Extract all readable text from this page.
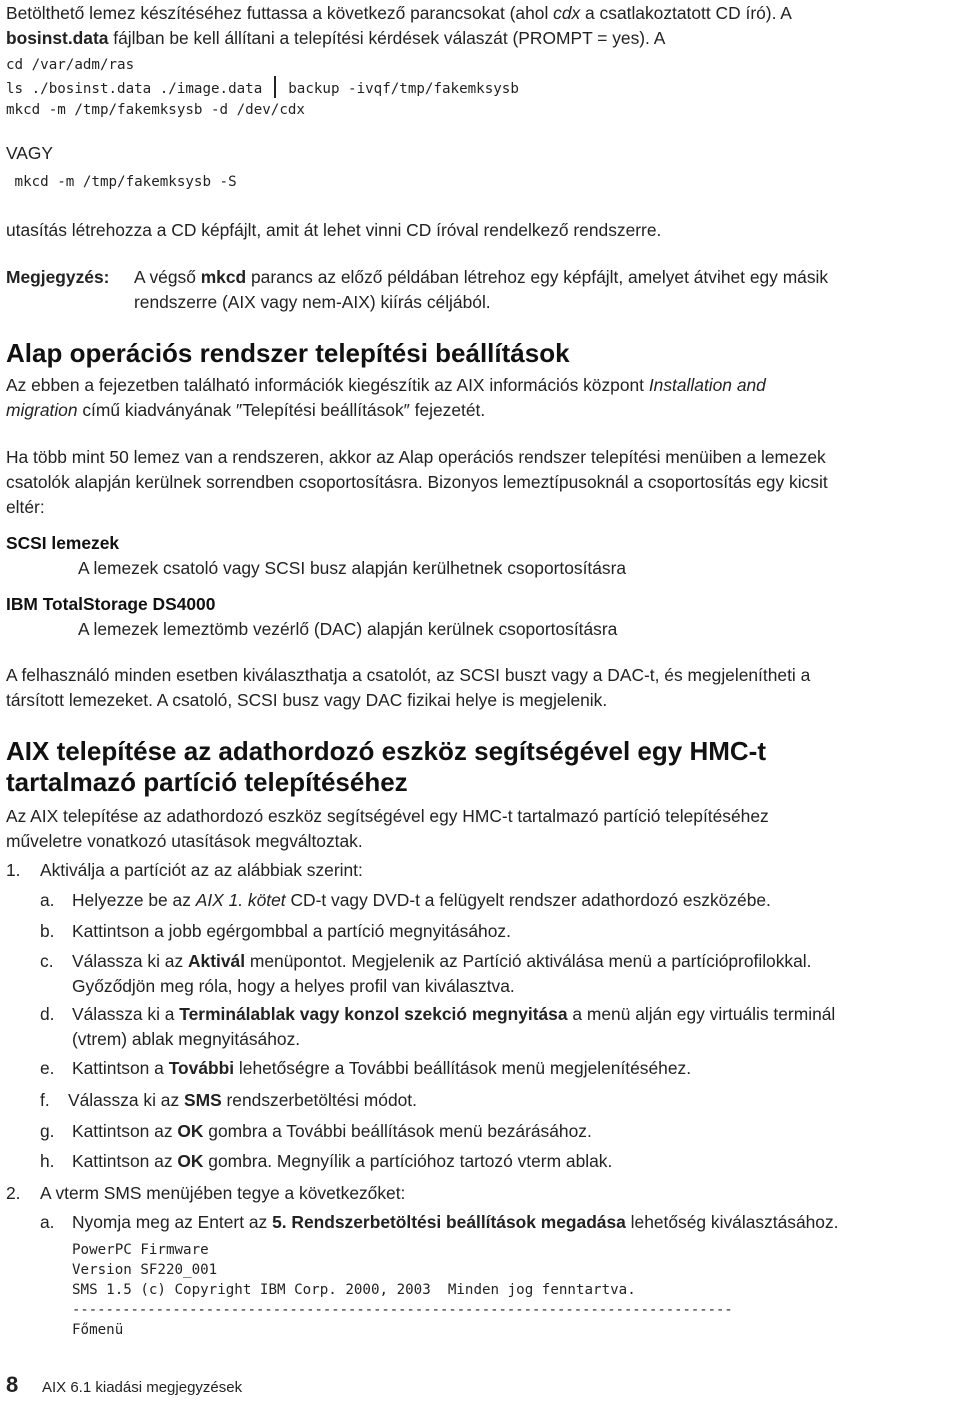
Betölthető lemez készítéséhez futtassa a következő parancsokat (ahol cdx a csatlakoztatott CD író). A

bosinst.data fájlban be kell állítani a telepítési kérdések válaszát (PROMPT = yes). A

cd /var/adm/ras

ls ./bosinst.data ./image.data backup -ivqf/tmp/fakemksysb

mkcd -m /tmp/fakemksysb -d /dev/cdx

VAGY

mkcd -m /tmp/fakemksysb -S

utasítás létrehozza a CD képfájlt, amit át lehet vinni CD íróval rendelkező rendszerre.

Megjegyzés:	A végső mkcd parancs az előző példában létrehoz egy képfájlt, amelyet átvihet egy másik
rendszerre (AIX vagy nem-AIX) kiírás céljából.
Alap operációs rendszer telepítési beállítások

Az ebben a fejezetben található információk kiegészítik az AIX információs központ Installation and

migration című kiadványának ″Telepítési beállítások″ fejezetét.

Ha több mint 50 lemez van a rendszeren, akkor az Alap operációs rendszer telepítési menüiben a lemezek

csatolók alapján kerülnek sorrendben csoportosításra. Bizonyos lemeztípusoknál a csoportosítás egy kicsit

eltér:

SCSI lemezek

A lemezek csatoló vagy SCSI busz alapján kerülhetnek csoportosításra

IBM TotalStorage DS4000

A lemezek lemeztömb vezérlő (DAC) alapján kerülnek csoportosításra

A felhasználó minden esetben kiválaszthatja a csatolót, az SCSI buszt vagy a DAC-t, és megjelenítheti a

társított lemezeket. A csatoló, SCSI busz vagy DAC fizikai helye is megjelenik.

AIX telepítése az adathordozó eszköz segítségével egy HMC-t

tartalmazó partíció telepítéséhez

Az AIX telepítése az adathordozó eszköz segítségével egy HMC-t tartalmazó partíció telepítéséhez

műveletre vonatkozó utasítások megváltoztak.

1.	Aktiválja a partíciót az az alábbiak szerint:
a.	Helyezze be az AIX 1. kötet CD-t vagy DVD-t a felügyelt rendszer adathordozó eszközébe.
b.	Kattintson a jobb egérgombbal a partíció megnyitásához.
c.	Válassza ki az Aktivál menüpontot. Megjelenik az Partíció aktiválása menü a partícióprofilokkal.
Győződjön meg róla, hogy a helyes profil van kiválasztva.
d.	Válassza ki a Terminálablak vagy konzol szekció megnyitása a menü alján egy virtuális terminál
(vtrem) ablak megnyitásához.
e.	Kattintson a További lehetőségre a További beállítások menü megjelenítéséhez.
f.	Válassza ki az SMS rendszerbetöltési módot.
g.	Kattintson az OK gombra a További beállítások menü bezárásához.
h.	Kattintson az OK gombra. Megnyílik a partícióhoz tartozó vterm ablak.
2.	A vterm SMS menüjében tegye a következőket:
a.	Nyomja meg az Entert az 5. Rendszerbetöltési beállítások megadása lehetőség kiválasztásához.

PowerPC Firmware

Version SF220_001

SMS 1.5 (c) Copyright IBM Corp. 2000, 2003  Minden jog fenntartva.

-------------------------------------------------------------------------------

Főmenü

8	AIX 6.1 kiadási megjegyzések
